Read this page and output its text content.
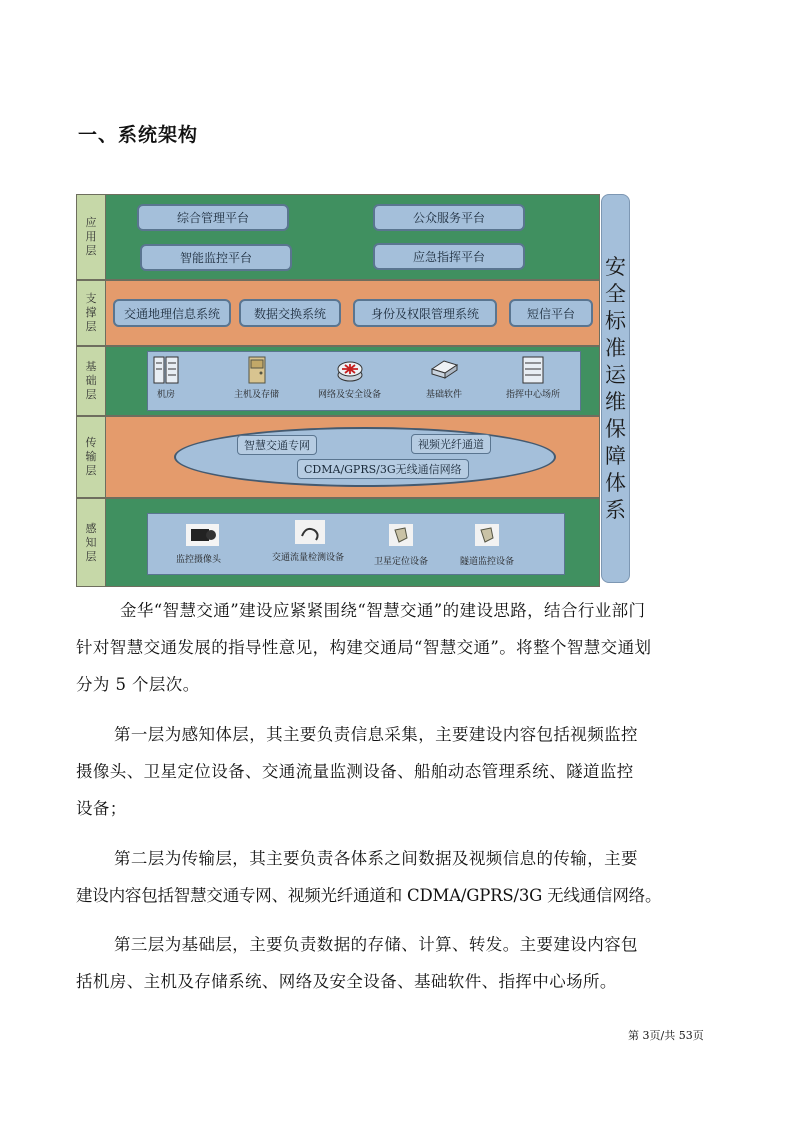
一、系统架构
应
用
层
综合管理平台	公众服务平台
智能监控平台	应急指挥平台
支
撑
层
交通地理信息系统	数据交换系统	身份及权限管理系统	短信平台
基
础
层	机房	主机及存储	网络及安全设备	基础软件	指挥中心场所
传
输
层
智慧交通专网	视频光纤通道
CDMA/GPRS/3G无线通信网络
感
知
层	监控摄像头	交通流量检测设备	卫星定位设备	隧道监控设备
安
全
标
准
运
维
保
障
体
系
金华“智慧交通”建设应紧紧围绕“智慧交通”的建设思路，结合行业部门
针对智慧交通发展的指导性意见，构建交通局“智慧交通”。将整个智慧交通划
分为 5 个层次。
第一层为感知体层，其主要负责信息采集，主要建设内容包括视频监控
摄像头、卫星定位设备、交通流量监测设备、船舶动态管理系统、隧道监控
设备；
第二层为传输层，其主要负责各体系之间数据及视频信息的传输，主要
建设内容包括智慧交通专网、视频光纤通道和 CDMA/GPRS/3G 无线通信网络。
第三层为基础层，主要负责数据的存储、计算、转发。主要建设内容包
括机房、主机及存储系统、网络及安全设备、基础软件、指挥中心场所。
第 3页/共 53页
